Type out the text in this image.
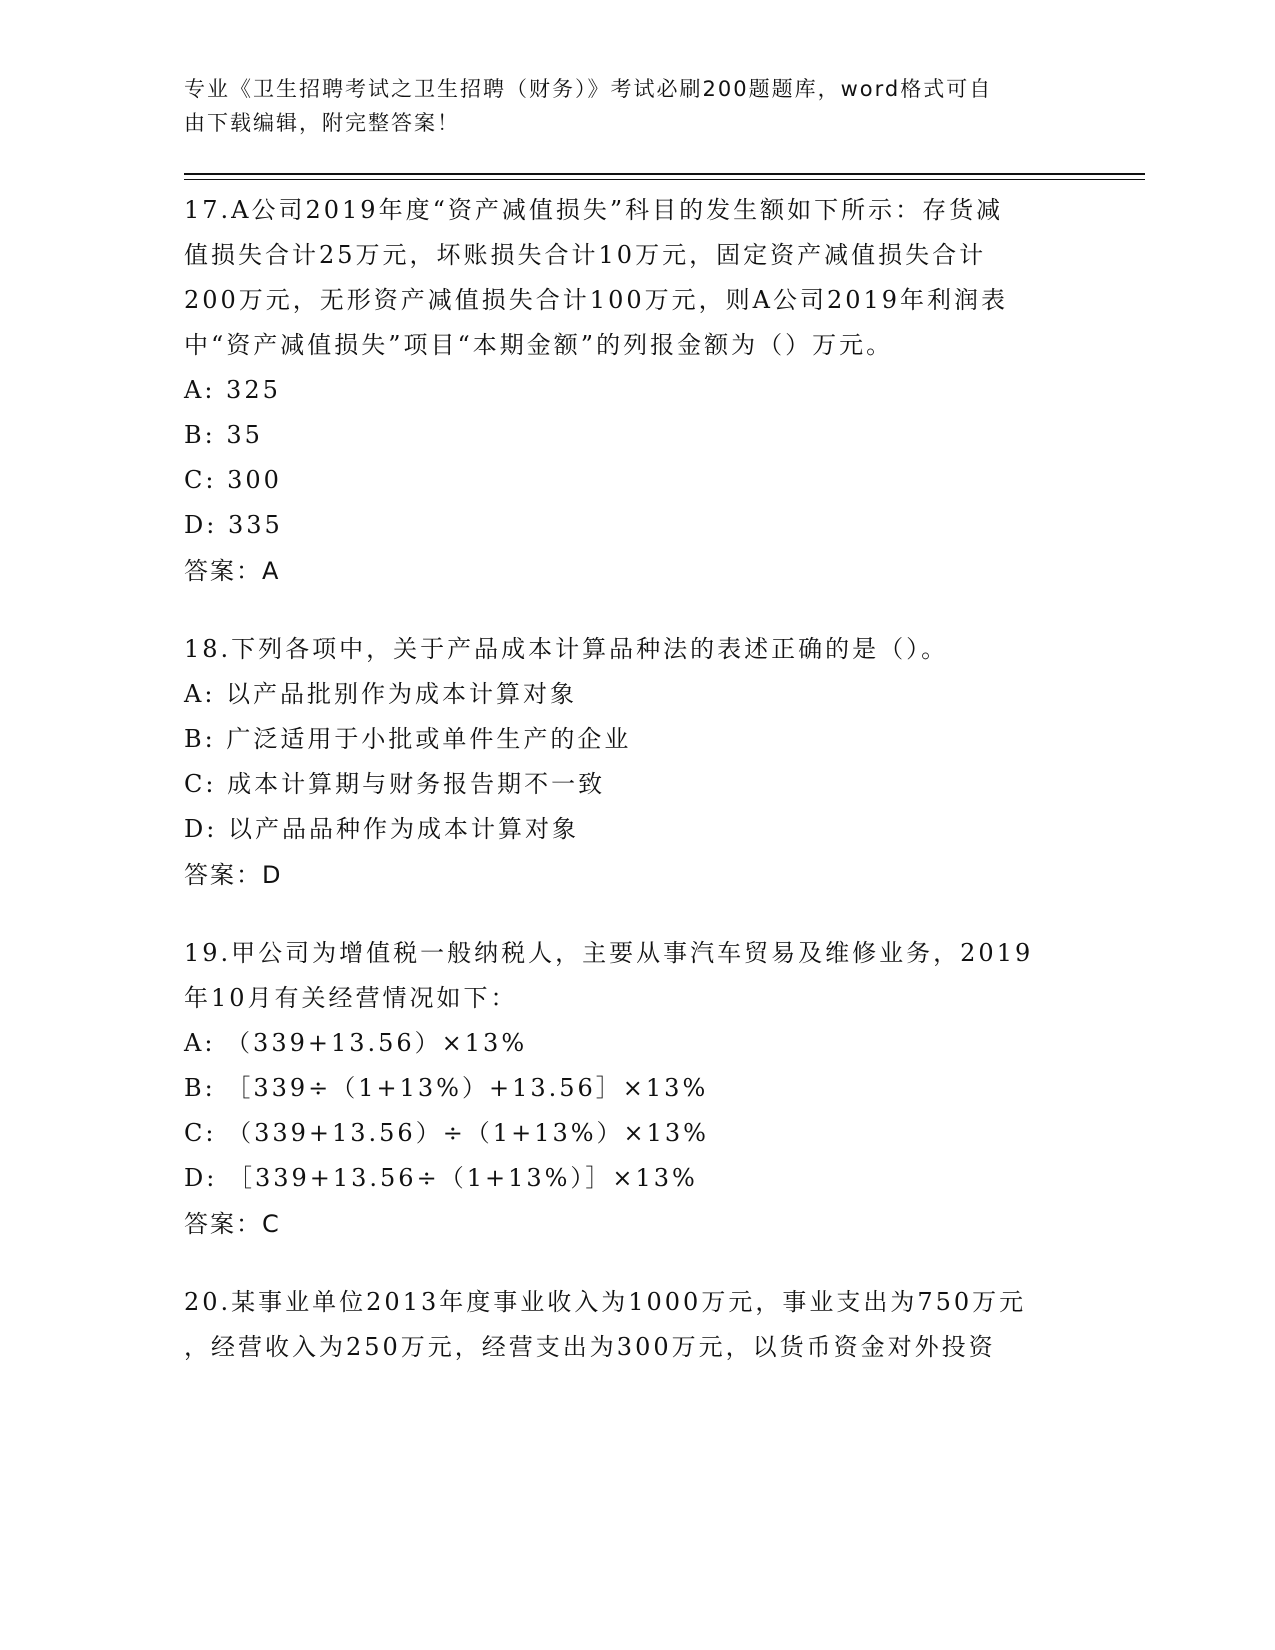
专业《卫生招聘考试之卫生招聘（财务）》考试必刷200题题库，word格式可自
由下载编辑，附完整答案！
17.A公司2019年度“资产减值损失”科目的发生额如下所示：存货减
值损失合计25万元，坏账损失合计10万元，固定资产减值损失合计
200万元，无形资产减值损失合计100万元，则A公司2019年利润表
中“资产减值损失”项目“本期金额”的列报金额为（）万元。
A: 325
B: 35
C: 300
D: 335
答案：A
18.下列各项中，关于产品成本计算品种法的表述正确的是（）。
A: 以产品批别作为成本计算对象
B: 广泛适用于小批或单件生产的企业
C: 成本计算期与财务报告期不一致
D: 以产品品种作为成本计算对象
答案：D
19.甲公司为增值税一般纳税人，主要从事汽车贸易及维修业务，2019
年10月有关经营情况如下：
A: （339+13.56）×13%
B: ［339÷（1+13%）+13.56］×13%
C: （339+13.56）÷（1+13%）×13%
D: ［339+13.56÷（1+13%）］×13%
答案：C
20.某事业单位2013年度事业收入为1000万元，事业支出为750万元
，经营收入为250万元，经营支出为300万元，以货币资金对外投资
